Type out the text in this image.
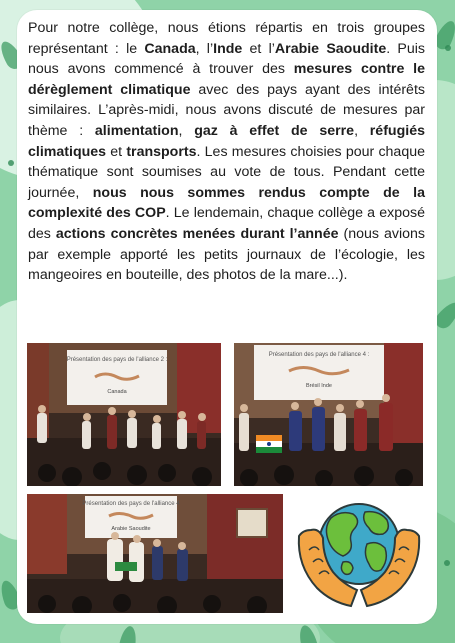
Pour notre collège, nous étions répartis en trois groupes représentant : le Canada, l’Inde et l’Arabie Saoudite. Puis nous avons commencé à trouver des mesures contre le dérèglement climatique avec des pays ayant des intérêts similaires. L’après-midi, nous avons discuté de mesures par thème : alimentation, gaz à effet de serre, réfugiés climatiques et transports. Les mesures choisies pour chaque thématique sont soumises au vote de tous. Pendant cette journée, nous nous sommes rendus compte de la complexité des COP. Le lendemain, chaque collège a exposé des actions concrètes menées durant l’année (nous avions par exemple apporté les petits journaux de l’écologie, les mangeoires en bouteille, des photos de la mare...).
Présentation des pays de l'alliance 2 :
Canada
Présentation des pays de l'alliance 4 :
Brésil Inde
Présentation des pays de l'alliance 4
Arabie Saoudite
